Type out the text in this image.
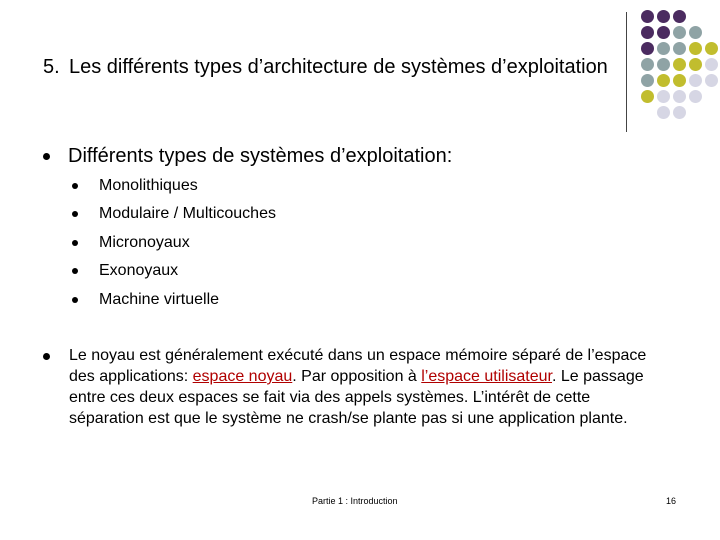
5. Les différents types d’architecture de systèmes d’exploitation
Différents types de systèmes d’exploitation:
Monolithiques
Modulaire / Multicouches
Micronoyaux
Exonoyaux
Machine virtuelle
Le noyau est généralement exécuté dans un espace mémoire séparé de l’espace des applications: espace noyau. Par opposition à l’espace utilisateur. Le passage entre ces deux espaces se fait via des appels systèmes. L’intérêt de cette séparation est que le système ne crash/se plante pas si une application plante.
Partie 1 : Introduction	16
